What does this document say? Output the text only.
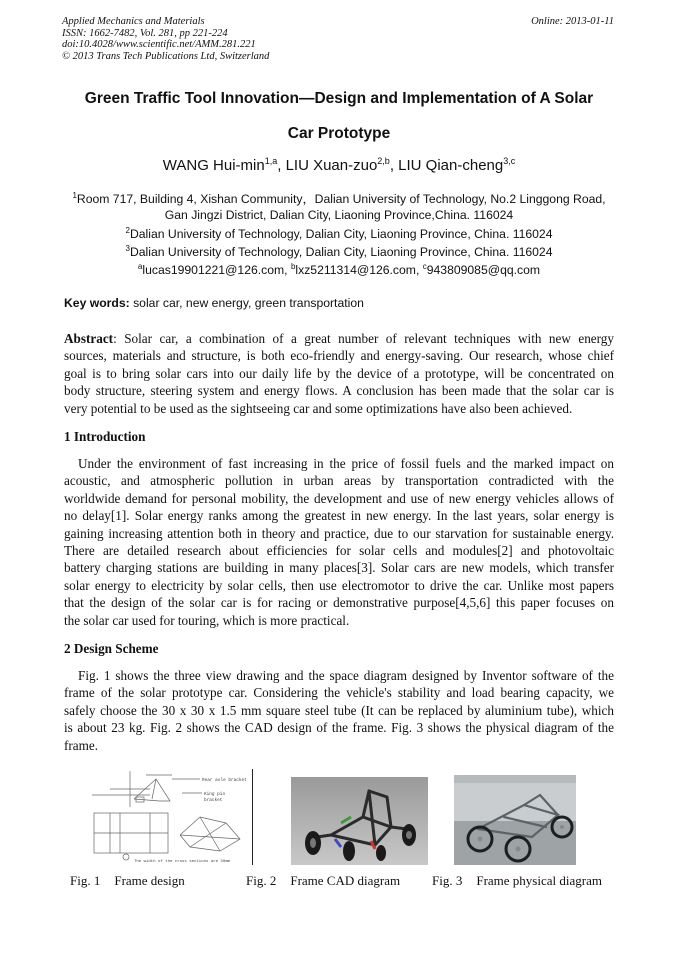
Applied Mechanics and Materials
ISSN: 1662-7482, Vol. 281, pp 221-224
doi:10.4028/www.scientific.net/AMM.281.221
© 2013 Trans Tech Publications Ltd, Switzerland
Online: 2013-01-11
Green Traffic Tool Innovation—Design and Implementation of A Solar
Car Prototype
WANG Hui-$\min^{1,a}$, LIU Xuan-zuo$^{2,b}$, LIU Qian-cheng$^{3,c}$
$^1$Room 717, Building 4, Xishan Community，Dalian University of Technology, No.2 Linggong Road,
Gan Jingzi District, Dalian City, Liaoning Province,China. 116024
$^2$Dalian University of Technology, Dalian City, Liaoning Province, China. 116024
$^3$Dalian University of Technology, Dalian City, Liaoning Province, China. 116024
$^a$lucas19901221@126.com, $^b$lxz5211314@126.com, $^c$943809085@qq.com
Key words: solar car, new energy, green transportation
Abstract: Solar car, a combination of a great number of relevant techniques with new energy
sources, materials and structure, is both eco-friendly and energy-saving. Our research, whose chief
goal is to bring solar cars into our daily life by the device of a prototype, will be concentrated on
body structure, steering system and energy flows. A conclusion has been made that the solar car is
very potential to be used as the sightseeing car and some optimizations have also been achieved.
1 Introduction
Under the environment of fast increasing in the price of fossil fuels and the marked impact on
acoustic, and atmospheric pollution in urban areas by transportation contradicted with the
worldwide demand for personal mobility, the development and use of new energy vehicles allows of
no delay[1]. Solar energy ranks among the greatest in new energy. In the last years, solar energy is
gaining increasing attention both in theory and practice, due to our starvation for sustainable energy.
There are detailed research about efficiencies for solar cells and modules[2] and photovoltaic
battery charging stations are building in many places[3]. Solar cars are new models, which transfer
solar energy to electricity by solar cells, then use electromotor to drive the car. Unlike most papers
that the design of the solar car is for racing or demonstrative purpose[4,5,6] this paper focuses on
the solar car used for touring, which is more practical.
2 Design Scheme
Fig. 1 shows the three view drawing and the space diagram designed by Inventor software of the
frame of the solar prototype car. Considering the vehicle's stability and load bearing capacity, we
safely choose the 30 x 30 x 1.5 mm square steel tube (It can be replaced by aluminium tube), which
is about 23 kg. Fig. 2 shows the CAD design of the frame. Fig. 3 shows the physical diagram of the
frame.
Rear axle bracket
King pin
bracket
The width of the cross sections are 30mm
Fig. 1 Frame design	Fig. 2 Frame CAD diagram Fig. 3 Frame physical diagram
